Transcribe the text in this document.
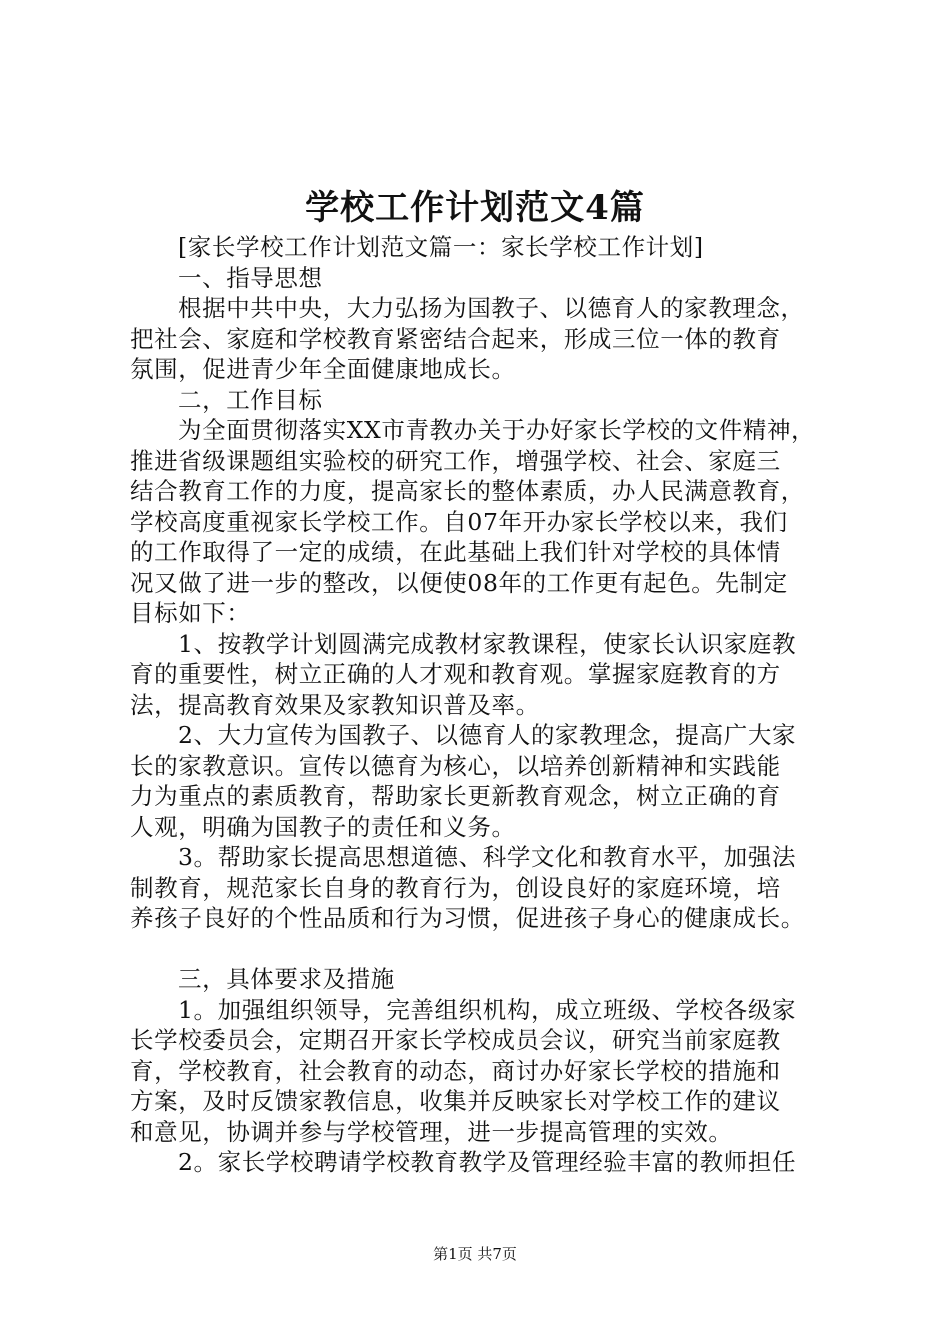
学校工作计划范文4篇

[家长学校工作计划范文篇一：家长学校工作计划]

一、指导思想

根据中共中央，大力弘扬为国教子、以德育人的家教理念，

把社会、家庭和学校教育紧密结合起来，形成三位一体的教育

氛围，促进青少年全面健康地成长。

二，工作目标

为全面贯彻落实XX市青教办关于办好家长学校的文件精神，

推进省级课题组实验校的研究工作，增强学校、社会、家庭三

结合教育工作的力度，提高家长的整体素质，办人民满意教育，

学校高度重视家长学校工作。自07年开办家长学校以来，我们

的工作取得了一定的成绩，在此基础上我们针对学校的具体情

况又做了进一步的整改，以便使08年的工作更有起色。先制定

目标如下：

1、按教学计划圆满完成教材家教课程，使家长认识家庭教

育的重要性，树立正确的人才观和教育观。掌握家庭教育的方

法，提高教育效果及家教知识普及率。

2、大力宣传为国教子、以德育人的家教理念，提高广大家

长的家教意识。宣传以德育为核心，以培养创新精神和实践能

力为重点的素质教育，帮助家长更新教育观念，树立正确的育

人观，明确为国教子的责任和义务。

3。帮助家长提高思想道德、科学文化和教育水平，加强法

制教育，规范家长自身的教育行为，创设良好的家庭环境，培

养孩子良好的个性品质和行为习惯，促进孩子身心的健康成长。

三，具体要求及措施

1。加强组织领导，完善组织机构，成立班级、学校各级家

长学校委员会，定期召开家长学校成员会议，研究当前家庭教

育，学校教育，社会教育的动态，商讨办好家长学校的措施和

方案，及时反馈家教信息，收集并反映家长对学校工作的建议

和意见，协调并参与学校管理，进一步提高管理的实效。

2。家长学校聘请学校教育教学及管理经验丰富的教师担任

第1页 共7页
